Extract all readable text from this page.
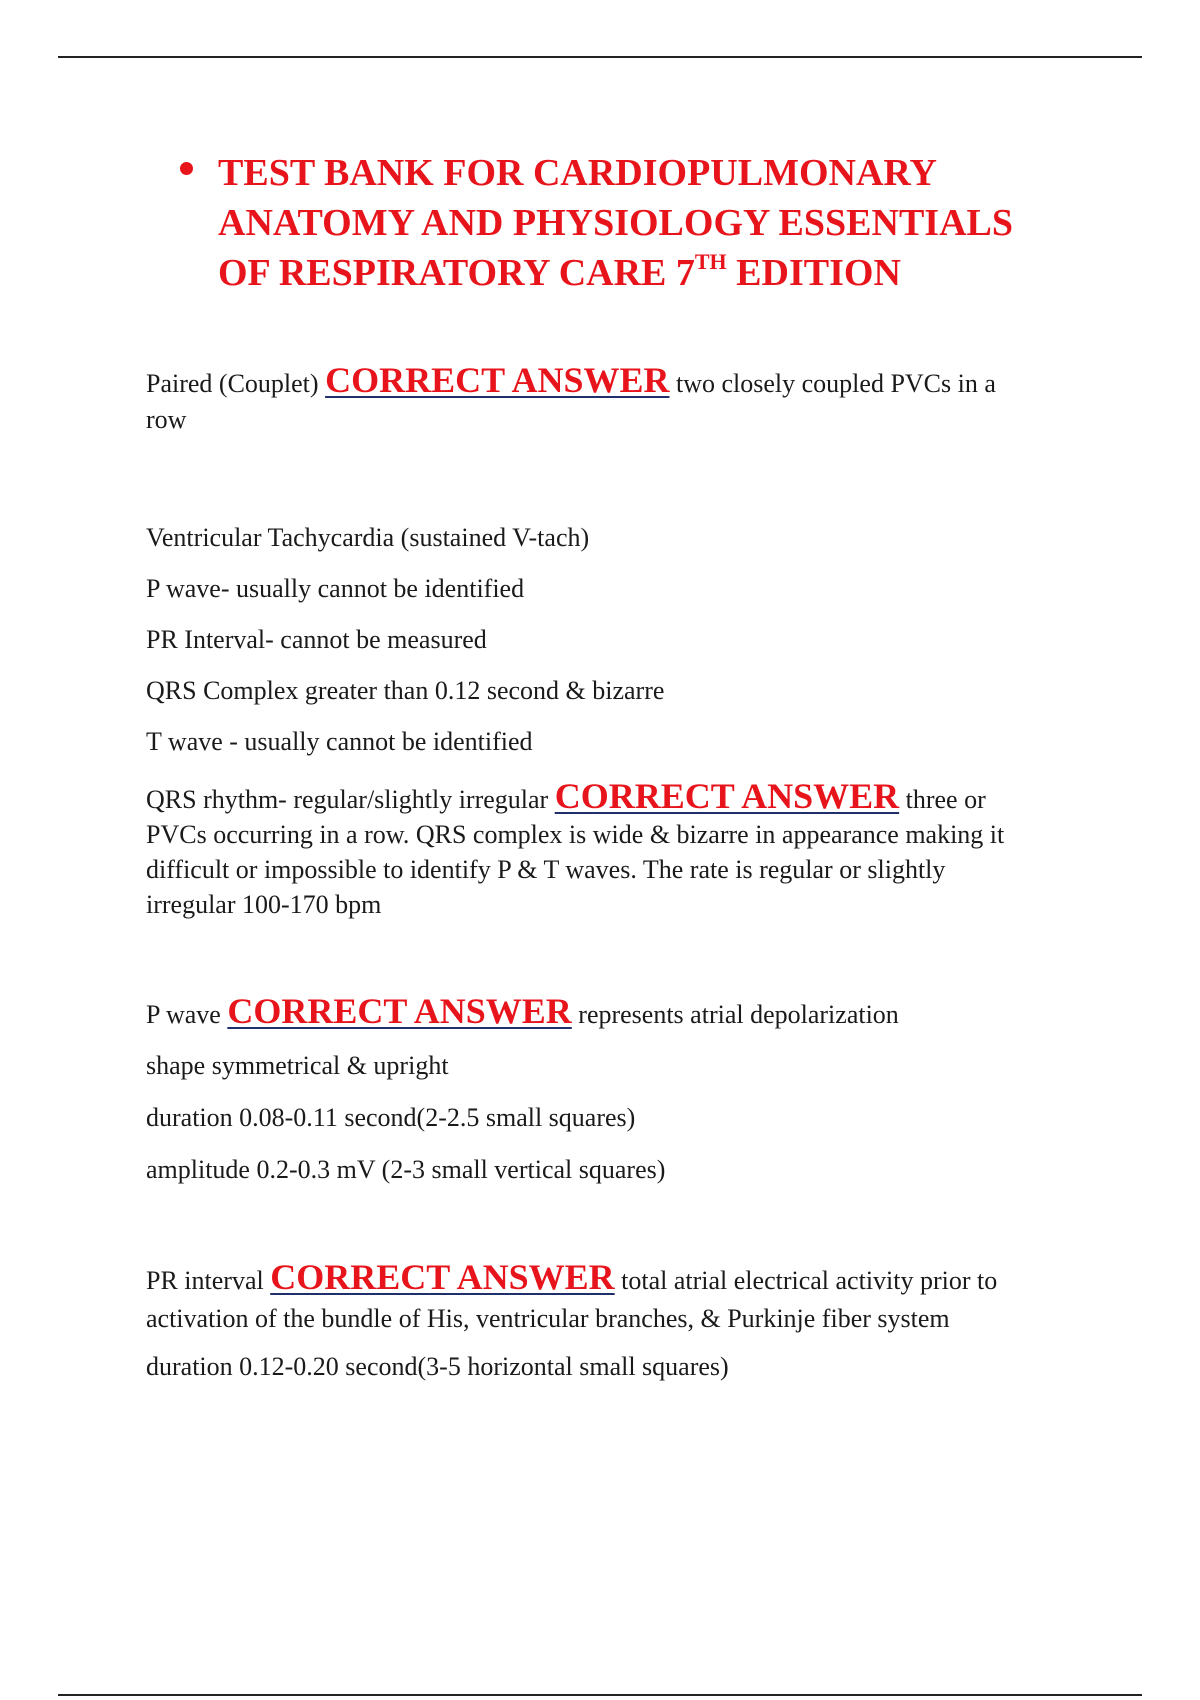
TEST BANK FOR CARDIOPULMONARY
ANATOMY AND PHYSIOLOGY ESSENTIALS
OF RESPIRATORY CARE 7TH EDITION

Paired (Couplet) CORRECT ANSWER two closely coupled PVCs in a
row

Ventricular Tachycardia (sustained V-tach)
P wave- usually cannot be identified
PR Interval- cannot be measured
QRS Complex greater than 0.12 second & bizarre
T wave - usually cannot be identified

QRS rhythm- regular/slightly irregular CORRECT ANSWER three or
PVCs occurring in a row. QRS complex is wide & bizarre in appearance making it
difficult or impossible to identify P & T waves. The rate is regular or slightly
irregular 100-170 bpm

P wave CORRECT ANSWER represents atrial depolarization

shape symmetrical & upright
duration 0.08-0.11 second(2-2.5 small squares)
amplitude 0.2-0.3 mV (2-3 small vertical squares)

PR interval CORRECT ANSWER total atrial electrical activity prior to
activation of the bundle of His, ventricular branches, & Purkinje fiber system

duration 0.12-0.20 second(3-5 horizontal small squares)
